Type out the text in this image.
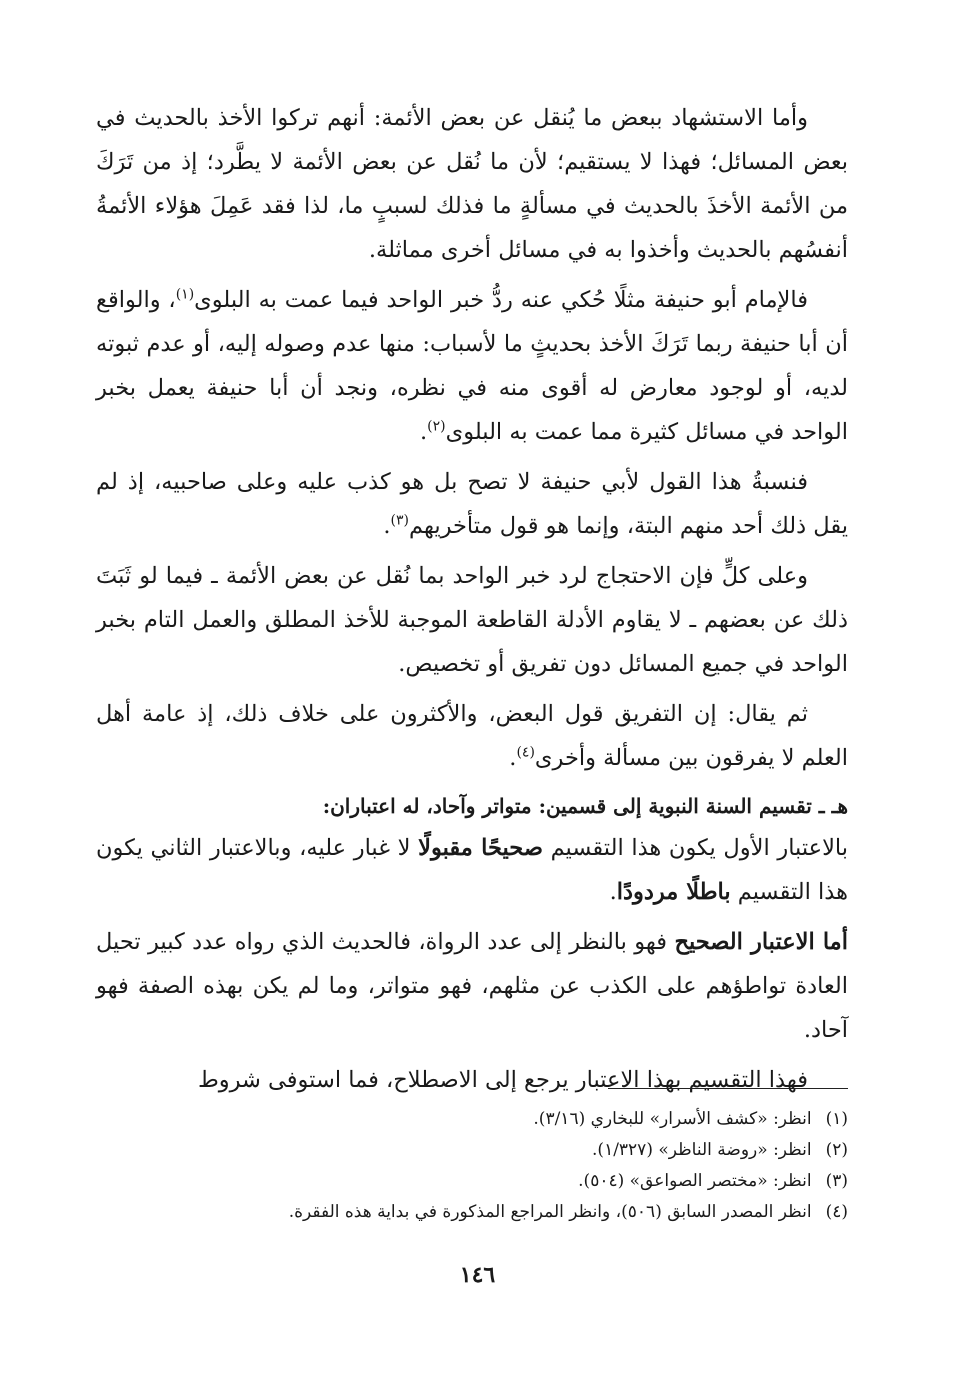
وأما الاستشهاد ببعض ما يُنقل عن بعض الأئمة: أنهم تركوا الأخذ بالحديث في بعض المسائل؛ فهذا لا يستقيم؛ لأن ما نُقل عن بعض الأئمة لا يطَّرد؛ إذ من تَرَكَ من الأئمة الأخذَ بالحديث في مسألةٍ ما فذلك لسببٍ ما، لذا فقد عَمِلَ هؤلاء الأئمةُ أنفسُهم بالحديث وأخذوا به في مسائل أخرى مماثلة.

فالإمام أبو حنيفة مثلًا حُكي عنه ردُّ خبر الواحد فيما عمت به البلوى$^{(١)}$، والواقع أن أبا حنيفة ربما تَرَكَ الأخذ بحديثٍ ما لأسباب: منها عدم وصوله إليه، أو عدم ثبوته لديه، أو لوجود معارض له أقوى منه في نظره، ونجد أن أبا حنيفة يعمل بخبر الواحد في مسائل كثيرة مما عمت به البلوى$^{(٢)}$.

فنسبةُ هذا القول لأبي حنيفة لا تصح بل هو كذب عليه وعلى صاحبيه، إذ لم يقل ذلك أحد منهم البتة، وإنما هو قول متأخريهم$^{(٣)}$.

وعلى كلٍّ فإن الاحتجاج لرد خبر الواحد بما نُقل عن بعض الأئمة ـ فيما لو ثَبَتَ ذلك عن بعضهم ـ لا يقاوم الأدلة القاطعة الموجبة للأخذ المطلق والعمل التام بخبر الواحد في جميع المسائل دون تفريق أو تخصيص.

ثم يقال: إن التفريق قول البعض، والأكثرون على خلاف ذلك، إذ عامة أهل العلم لا يفرقون بين مسألة وأخرى$^{(٤)}$.

هـ ـ تقسيم السنة النبوية إلى قسمين: متواتر وآحاد، له اعتباران:

بالاعتبار الأول يكون هذا التقسيم صحيحًا مقبولًا لا غبار عليه، وبالاعتبار الثاني يكون هذا التقسيم باطلًا مردودًا.

أما الاعتبار الصحيح فهو بالنظر إلى عدد الرواة، فالحديث الذي رواه عدد كبير تحيل العادة تواطؤهم على الكذب عن مثلهم، فهو متواتر، وما لم يكن بهذه الصفة فهو آحاد.

فهذا التقسيم بهذا الاعتبار يرجع إلى الاصطلاح، فما استوفى شروط

(١)انظر: «كشف الأسرار» للبخاري (٣/١٦).
(٢)انظر: «روضة الناظر» (١/٣٢٧).
(٣)انظر: «مختصر الصواعق» (٥٠٤).
(٤)انظر المصدر السابق (٥٠٦)، وانظر المراجع المذكورة في بداية هذه الفقرة.
١٤٦
